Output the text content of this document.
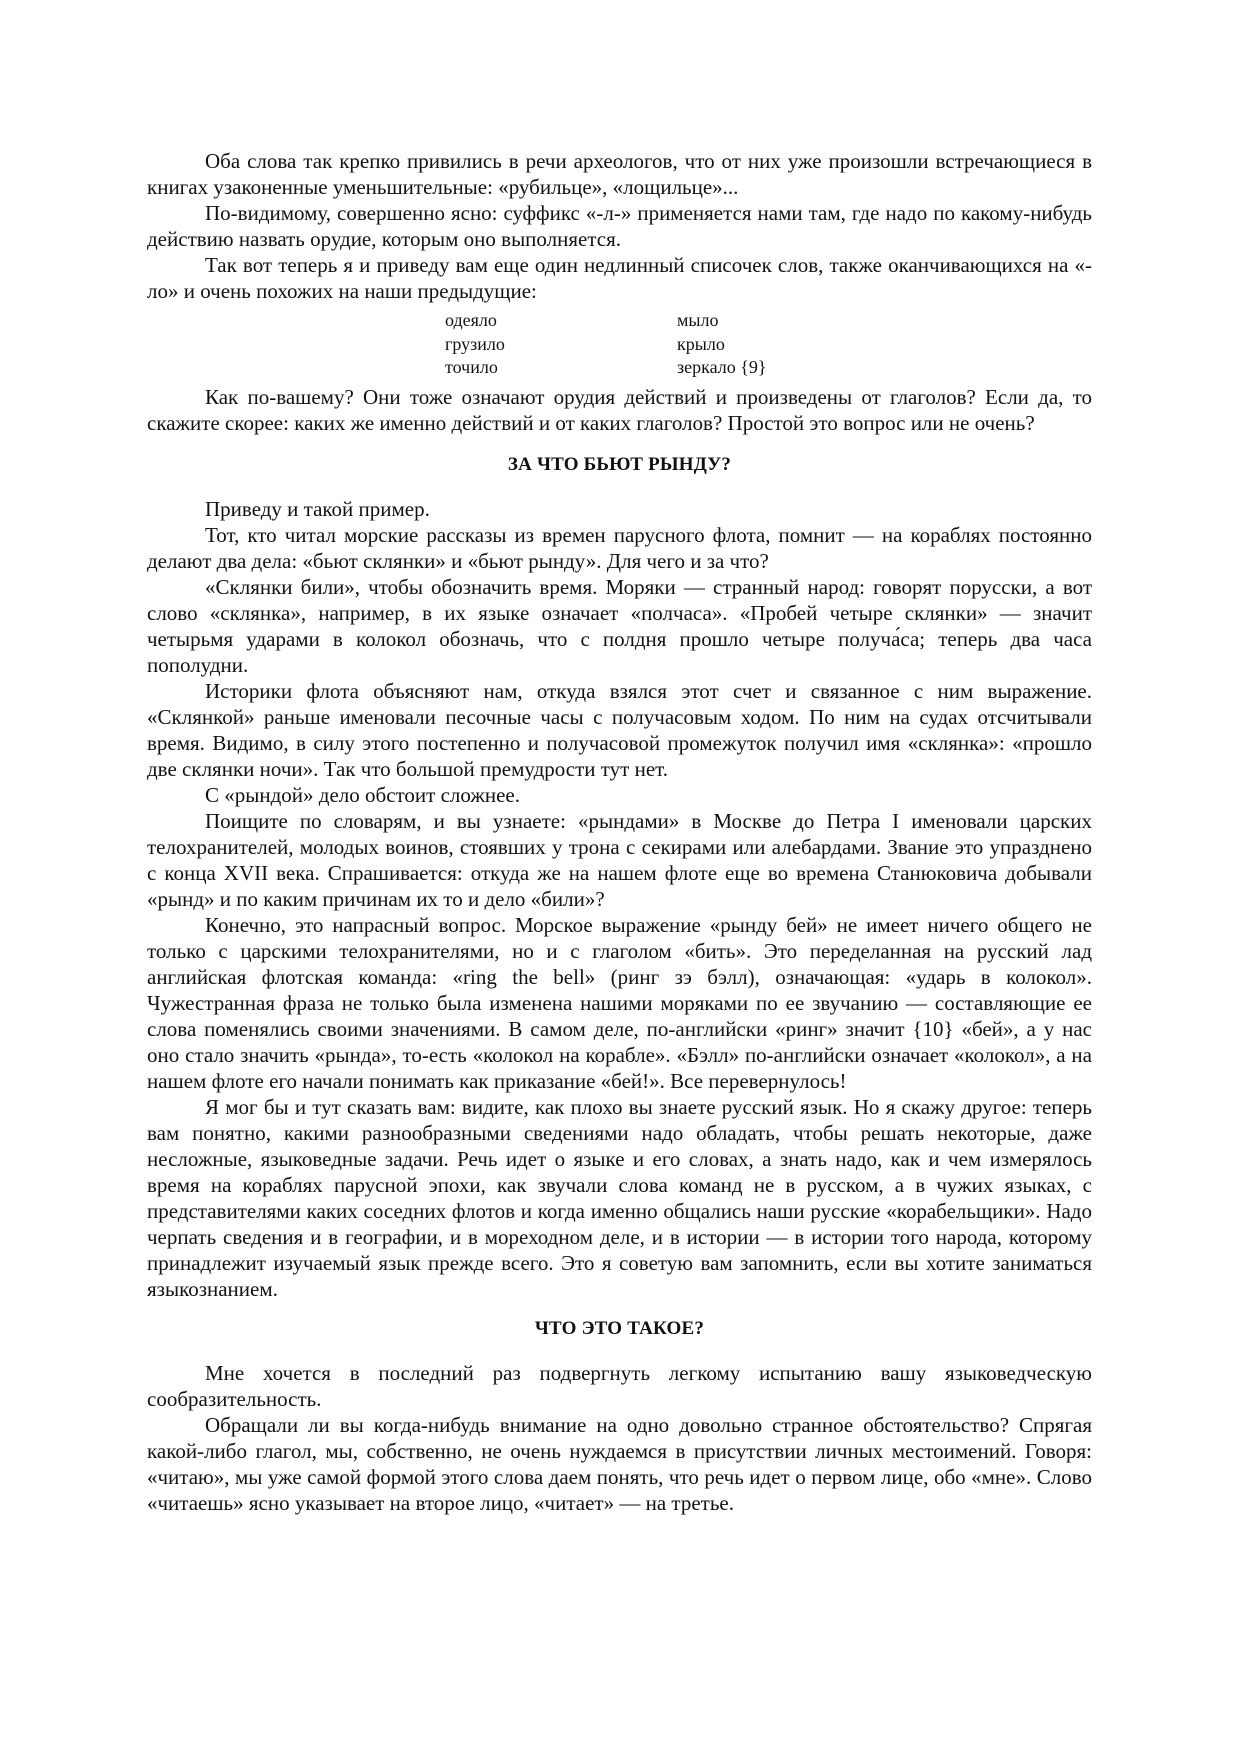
Оба слова так крепко привились в речи археологов, что от них уже произошли встречающиеся в книгах узаконенные уменьшительные: «рубильце», «лощильце»...

По-видимому, совершенно ясно: суффикс «-л-» применяется нами там, где надо по какому-нибудь действию назвать орудие, которым оно выполняется.

Так вот теперь я и приведу вам еще один недлинный списочек слов, также оканчивающихся на «-ло» и очень похожих на наши предыдущие:

одеяло	мыло
грузило	крыло
точило	зеркало {9}

Как по-вашему? Они тоже означают орудия действий и произведены от глаголов? Если да, то скажите скорее: каких же именно действий и от каких глаголов? Простой это вопрос или не очень?

ЗА ЧТО БЬЮТ РЫНДУ?

Приведу и такой пример.

Тот, кто читал морские рассказы из времен парусного флота, помнит — на кораблях постоянно делают два дела: «бьют склянки» и «бьют рынду». Для чего и за что?

«Склянки били», чтобы обозначить время. Моряки — странный народ: говорят порусски, а вот слово «склянка», например, в их языке означает «полчаса». «Пробей четыре склянки» — значит четырьмя ударами в колокол обозначь, что с полдня прошло четыре получа́са; теперь два часа пополудни.

Историки флота объясняют нам, откуда взялся этот счет и связанное с ним выражение. «Склянкой» раньше именовали песочные часы с получасовым ходом. По ним на судах отсчитывали время. Видимо, в силу этого постепенно и получасовой промежуток получил имя «склянка»: «прошло две склянки ночи». Так что большой премудрости тут нет.

С «рындой» дело обстоит сложнее.

Поищите по словарям, и вы узнаете: «рындами» в Москве до Петра I именовали царских телохранителей, молодых воинов, стоявших у трона с секирами или алебардами. Звание это упразднено с конца XVII века. Спрашивается: откуда же на нашем флоте еще во времена Станюковича добывали «рынд» и по каким причинам их то и дело «били»?

Конечно, это напрасный вопрос. Морское выражение «рынду бей» не имеет ничего общего не только с царскими телохранителями, но и с глаголом «бить». Это переделанная на русский лад английская флотская команда: «ring the bell» (ринг зэ бэлл), означающая: «ударь в колокол». Чужестранная фраза не только была изменена нашими моряками по ее звучанию — составляющие ее слова поменялись своими значениями. В самом деле, по-английски «ринг» значит {10} «бей», а у нас оно стало значить «рында», то-есть «колокол на корабле». «Бэлл» по-английски означает «колокол», а на нашем флоте его начали понимать как приказание «бей!». Все перевернулось!

Я мог бы и тут сказать вам: видите, как плохо вы знаете русский язык. Но я скажу другое: теперь вам понятно, какими разнообразными сведениями надо обладать, чтобы решать некоторые, даже несложные, языковедные задачи. Речь идет о языке и его словах, а знать надо, как и чем измерялось время на кораблях парусной эпохи, как звучали слова команд не в русском, а в чужих языках, с представителями каких соседних флотов и когда именно общались наши русские «корабельщики». Надо черпать сведения и в географии, и в мореходном деле, и в истории — в истории того народа, которому принадлежит изучаемый язык прежде всего. Это я советую вам запомнить, если вы хотите заниматься языкознанием.

ЧТО ЭТО ТАКОЕ?

Мне хочется в последний раз подвергнуть легкому испытанию вашу языковедческую сообразительность.

Обращали ли вы когда-нибудь внимание на одно довольно странное обстоятельство? Спрягая какой-либо глагол, мы, собственно, не очень нуждаемся в присутствии личных местоимений. Говоря: «читаю», мы уже самой формой этого слова даем понять, что речь идет о первом лице, обо «мне». Слово «читаешь» ясно указывает на второе лицо, «читает» — на третье.
